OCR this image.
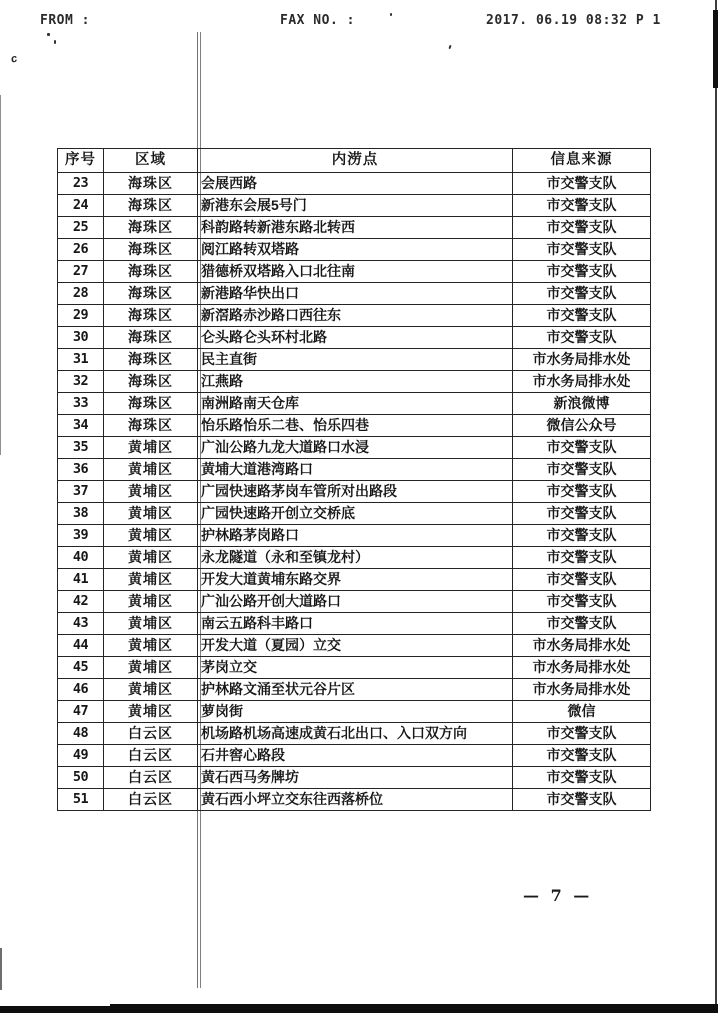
FROM :	FAX NO. :	2017. 06.19 08:32 P 1
c
序号	区域	内涝点	信息来源
23	海珠区	会展西路	市交警支队
24	海珠区	新港东会展5号门	市交警支队
25	海珠区	科韵路转新港东路北转西	市交警支队
26	海珠区	阅江路转双塔路	市交警支队
27	海珠区	猎德桥双塔路入口北往南	市交警支队
28	海珠区	新港路华快出口	市交警支队
29	海珠区	新滘路赤沙路口西往东	市交警支队
30	海珠区	仑头路仑头环村北路	市交警支队
31	海珠区	民主直街	市水务局排水处
32	海珠区	江燕路	市水务局排水处
33	海珠区	南洲路南天仓库	新浪微博
34	海珠区	怡乐路怡乐二巷、怡乐四巷	微信公众号
35	黄埔区	广汕公路九龙大道路口水浸	市交警支队
36	黄埔区	黄埔大道港湾路口	市交警支队
37	黄埔区	广园快速路茅岗车管所对出路段	市交警支队
38	黄埔区	广园快速路开创立交桥底	市交警支队
39	黄埔区	护林路茅岗路口	市交警支队
40	黄埔区	永龙隧道（永和至镇龙村）	市交警支队
41	黄埔区	开发大道黄埔东路交界	市交警支队
42	黄埔区	广汕公路开创大道路口	市交警支队
43	黄埔区	南云五路科丰路口	市交警支队
44	黄埔区	开发大道（夏园）立交	市水务局排水处
45	黄埔区	茅岗立交	市水务局排水处
46	黄埔区	护林路文涌至状元谷片区	市水务局排水处
47	黄埔区	萝岗街	微信
48	白云区	机场路机场高速成黄石北出口、入口双方向	市交警支队
49	白云区	石井窖心路段	市交警支队
50	白云区	黄石西马务牌坊	市交警支队
51	白云区	黄石西小坪立交东往西落桥位	市交警支队
— 7 —
